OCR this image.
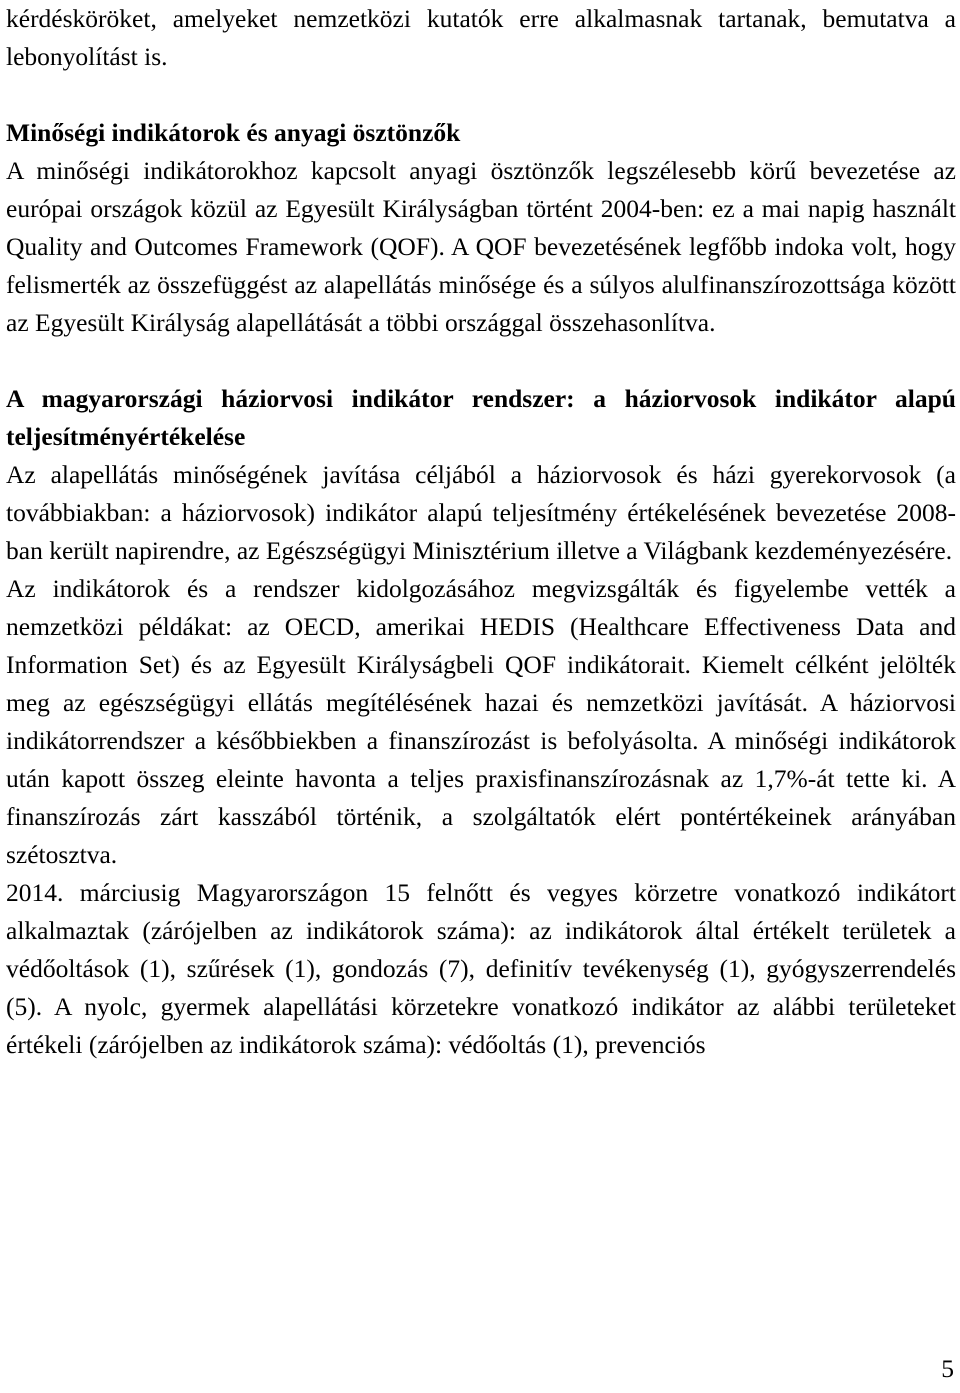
kérdésköröket, amelyeket nemzetközi kutatók erre alkalmasnak tartanak, bemutatva a lebonyolítást is.

Minőségi indikátorok és anyagi ösztönzők

A minőségi indikátorokhoz kapcsolt anyagi ösztönzők legszélesebb körű bevezetése az európai országok közül az Egyesült Királyságban történt 2004-ben: ez a mai napig használt Quality and Outcomes Framework (QOF). A QOF bevezetésének legfőbb indoka volt, hogy felismerték az összefüggést az alapellátás minősége és a súlyos alulfinanszírozottsága között az Egyesült Királyság alapellátását a többi országgal összehasonlítva.

A magyarországi háziorvosi indikátor rendszer: a háziorvosok indikátor alapú teljesítményértékelése

Az alapellátás minőségének javítása céljából a háziorvosok és házi gyerekorvosok (a továbbiakban: a háziorvosok) indikátor alapú teljesítmény értékelésének bevezetése 2008-ban került napirendre, az Egészségügyi Minisztérium illetve a Világbank kezdeményezésére.

Az indikátorok és a rendszer kidolgozásához megvizsgálták és figyelembe vették a nemzetközi példákat: az OECD, amerikai HEDIS (Healthcare Effectiveness Data and Information Set) és az Egyesült Királyságbeli QOF indikátorait. Kiemelt célként jelölték meg az egészségügyi ellátás megítélésének hazai és nemzetközi javítását. A háziorvosi indikátorrendszer a későbbiekben a finanszírozást is befolyásolta. A minőségi indikátorok után kapott összeg eleinte havonta a teljes praxisfinanszírozásnak az 1,7%-át tette ki. A finanszírozás zárt kasszából történik, a szolgáltatók elért pontértékeinek arányában szétosztva.

2014. márciusig Magyarországon 15 felnőtt és vegyes körzetre vonatkozó indikátort alkalmaztak (zárójelben az indikátorok száma): az indikátorok által értékelt területek a védőoltások (1), szűrések (1), gondozás (7), definitív tevékenység (1), gyógyszerrendelés (5). A nyolc, gyermek alapellátási körzetekre vonatkozó indikátor az alábbi területeket értékeli (zárójelben az indikátorok száma): védőoltás (1), prevenciós

5
